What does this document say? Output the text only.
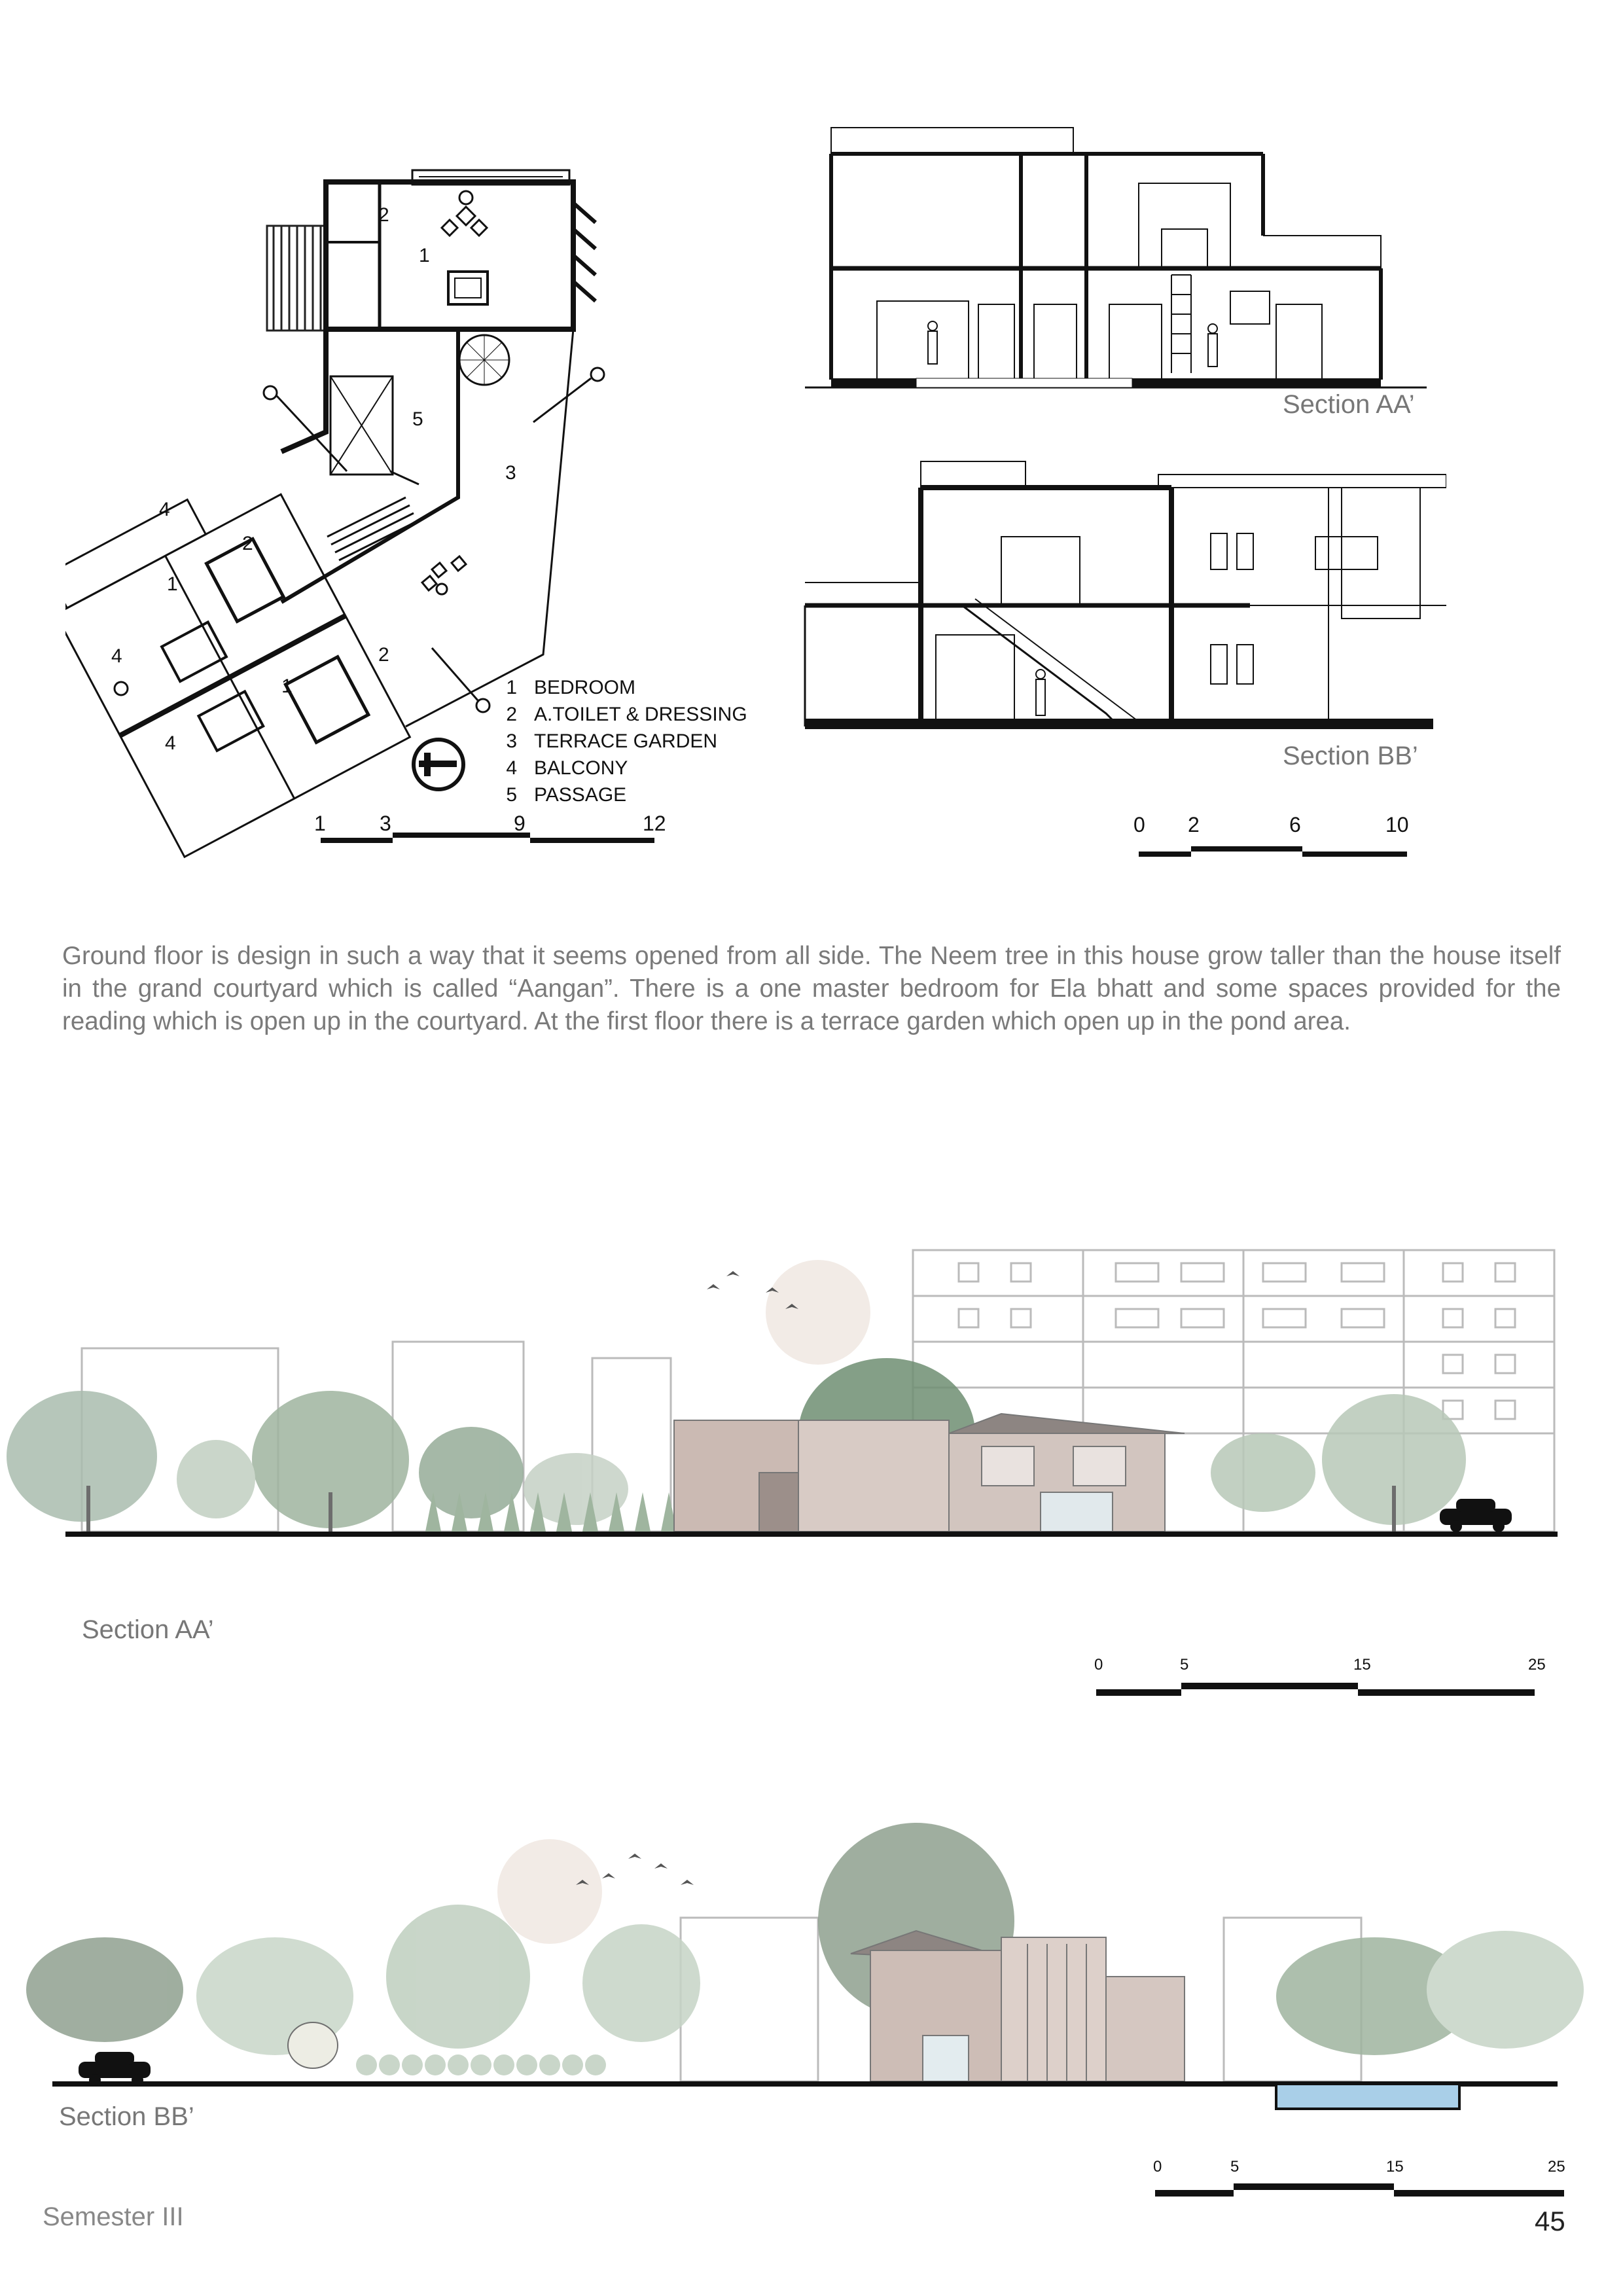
2
1
5
3
4
2
1
4	2
1
4
1 BEDROOM
2 A.TOILET & DRESSING
3 TERRACE GARDEN
4 BALCONY
5 PASSAGE
1	3	9	12
Section AA’
Section BB’
0 2	6	10
Ground floor is design in such a way that it seems opened from all side. The Neem tree in this house grow taller than the house itself in the grand courtyard which is called “Aangan”. There is a one master bedroom for Ela bhatt and some spaces provided for the reading which is open up in the courtyard. At the first floor there is a terrace garden which open up in the pond area.
Section AA’
0	5	15	25
Section BB’
0	5	15	25
Semester III	45
